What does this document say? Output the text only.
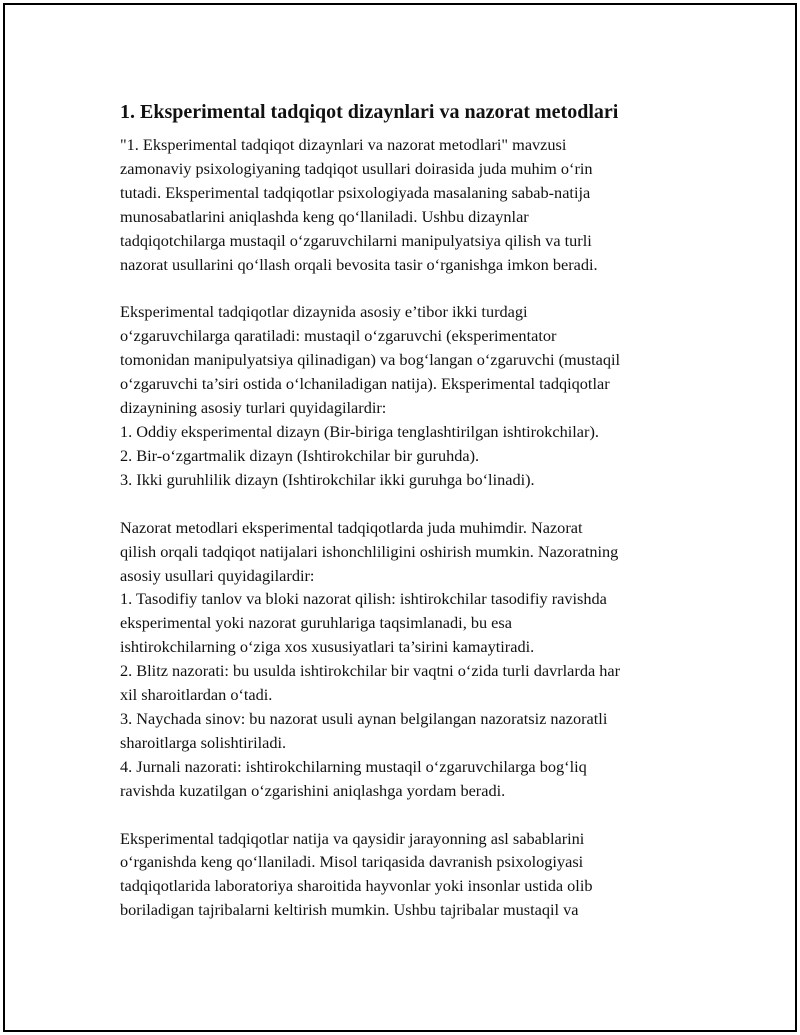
1. Eksperimental tadqiqot dizaynlari va nazorat metodlari
"1. Eksperimental tadqiqot dizaynlari va nazorat metodlari" mavzusi
zamonaviy psixologiyaning tadqiqot usullari doirasida juda muhim o‘rin
tutadi. Eksperimental tadqiqotlar psixologiyada masalaning sabab-natija
munosabatlarini aniqlashda keng qo‘llaniladi. Ushbu dizaynlar
tadqiqotchilarga mustaqil o‘zgaruvchilarni manipulyatsiya qilish va turli
nazorat usullarini qo‘llash orqali bevosita tasir o‘rganishga imkon beradi.
Eksperimental tadqiqotlar dizaynida asosiy e’tibor ikki turdagi
o‘zgaruvchilarga qaratiladi: mustaqil o‘zgaruvchi (eksperimentator
tomonidan manipulyatsiya qilinadigan) va bog‘langan o‘zgaruvchi (mustaqil
o‘zgaruvchi ta’siri ostida o‘lchaniladigan natija). Eksperimental tadqiqotlar
dizaynining asosiy turlari quyidagilardir:
1. Oddiy eksperimental dizayn (Bir-biriga tenglashtirilgan ishtirokchilar).
2. Bir-o‘zgartmalik dizayn (Ishtirokchilar bir guruhda).
3. Ikki guruhlilik dizayn (Ishtirokchilar ikki guruhga bo‘linadi).
Nazorat metodlari eksperimental tadqiqotlarda juda muhimdir. Nazorat
qilish orqali tadqiqot natijalari ishonchliligini oshirish mumkin. Nazoratning
asosiy usullari quyidagilardir:
1. Tasodifiy tanlov va bloki nazorat qilish: ishtirokchilar tasodifiy ravishda
eksperimental yoki nazorat guruhlariga taqsimlanadi, bu esa
ishtirokchilarning o‘ziga xos xususiyatlari ta’sirini kamaytiradi.
2. Blitz nazorati: bu usulda ishtirokchilar bir vaqtni o‘zida turli davrlarda har
xil sharoitlardan o‘tadi.
3. Naychada sinov: bu nazorat usuli aynan belgilangan nazoratsiz nazoratli
sharoitlarga solishtiriladi.
4. Jurnali nazorati: ishtirokchilarning mustaqil o‘zgaruvchilarga bog‘liq
ravishda kuzatilgan o‘zgarishini aniqlashga yordam beradi.
Eksperimental tadqiqotlar natija va qaysidir jarayonning asl sabablarini
o‘rganishda keng qo‘llaniladi. Misol tariqasida davranish psixologiyasi
tadqiqotlarida laboratoriya sharoitida hayvonlar yoki insonlar ustida olib
boriladigan tajribalarni keltirish mumkin. Ushbu tajribalar mustaqil va
